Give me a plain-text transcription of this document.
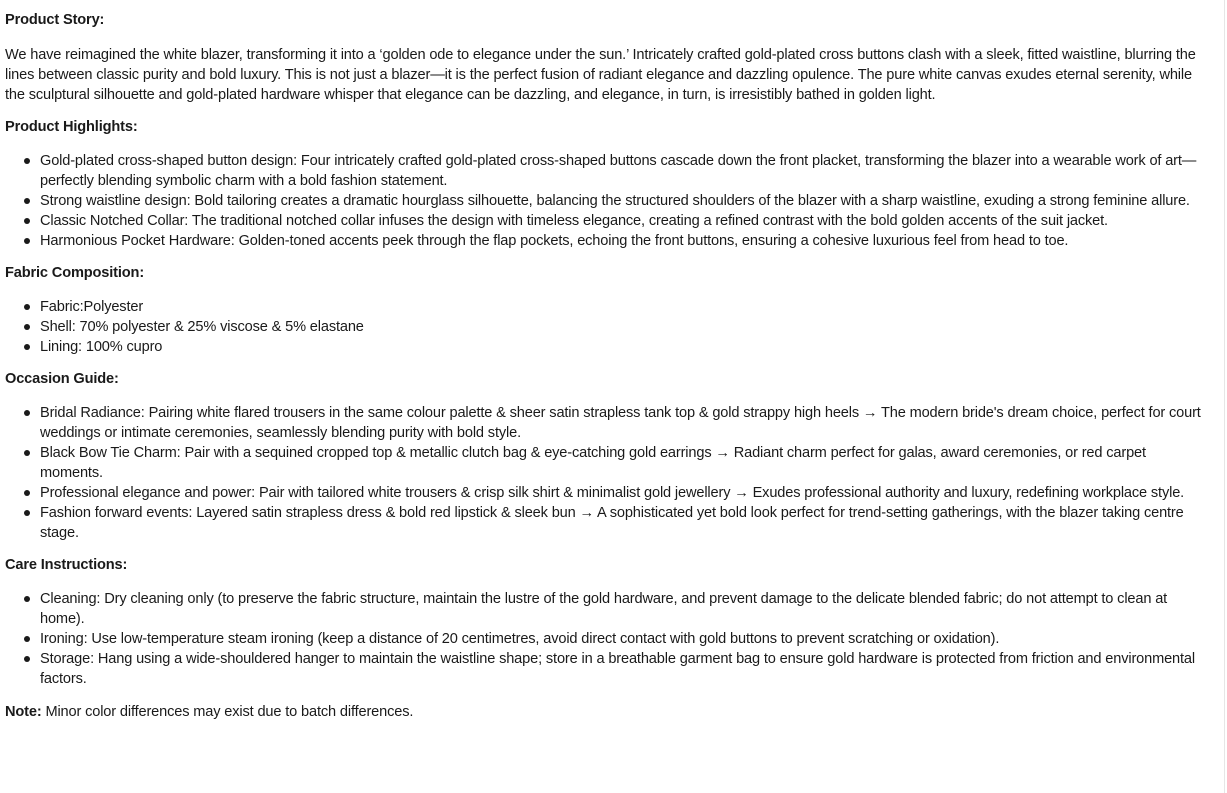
Product Story:

We have reimagined the white blazer, transforming it into a ‘golden ode to elegance under the sun.’ Intricately crafted gold-plated cross buttons clash with a sleek, fitted waistline, blurring the lines between classic purity and bold luxury. This is not just a blazer—it is the perfect fusion of radiant elegance and dazzling opulence. The pure white canvas exudes eternal serenity, while the sculptural silhouette and gold-plated hardware whisper that elegance can be dazzling, and elegance, in turn, is irresistibly bathed in golden light.

Product Highlights:

Gold-plated cross-shaped button design: Four intricately crafted gold-plated cross-shaped buttons cascade down the front placket, transforming the blazer into a wearable work of art—perfectly blending symbolic charm with a bold fashion statement.
Strong waistline design: Bold tailoring creates a dramatic hourglass silhouette, balancing the structured shoulders of the blazer with a sharp waistline, exuding a strong feminine allure.
Classic Notched Collar: The traditional notched collar infuses the design with timeless elegance, creating a refined contrast with the bold golden accents of the suit jacket.
Harmonious Pocket Hardware: Golden-toned accents peek through the flap pockets, echoing the front buttons, ensuring a cohesive luxurious feel from head to toe.

Fabric Composition:

Fabric:Polyester
Shell: 70% polyester & 25% viscose & 5% elastane
Lining: 100% cupro

Occasion Guide:

Bridal Radiance: Pairing white flared trousers in the same colour palette & sheer satin strapless tank top & gold strappy high heels → The modern bride's dream choice, perfect for court weddings or intimate ceremonies, seamlessly blending purity with bold style.
Black Bow Tie Charm: Pair with a sequined cropped top & metallic clutch bag & eye-catching gold earrings → Radiant charm perfect for galas, award ceremonies, or red carpet moments.
Professional elegance and power: Pair with tailored white trousers & crisp silk shirt & minimalist gold jewellery → Exudes professional authority and luxury, redefining workplace style.
Fashion forward events: Layered satin strapless dress & bold red lipstick & sleek bun → A sophisticated yet bold look perfect for trend-setting gatherings, with the blazer taking centre stage.

Care Instructions:

Cleaning: Dry cleaning only (to preserve the fabric structure, maintain the lustre of the gold hardware, and prevent damage to the delicate blended fabric; do not attempt to clean at home).
Ironing: Use low-temperature steam ironing (keep a distance of 20 centimetres, avoid direct contact with gold buttons to prevent scratching or oxidation).
Storage: Hang using a wide-shouldered hanger to maintain the waistline shape; store in a breathable garment bag to ensure gold hardware is protected from friction and environmental factors.

Note: Minor color differences may exist due to batch differences.
